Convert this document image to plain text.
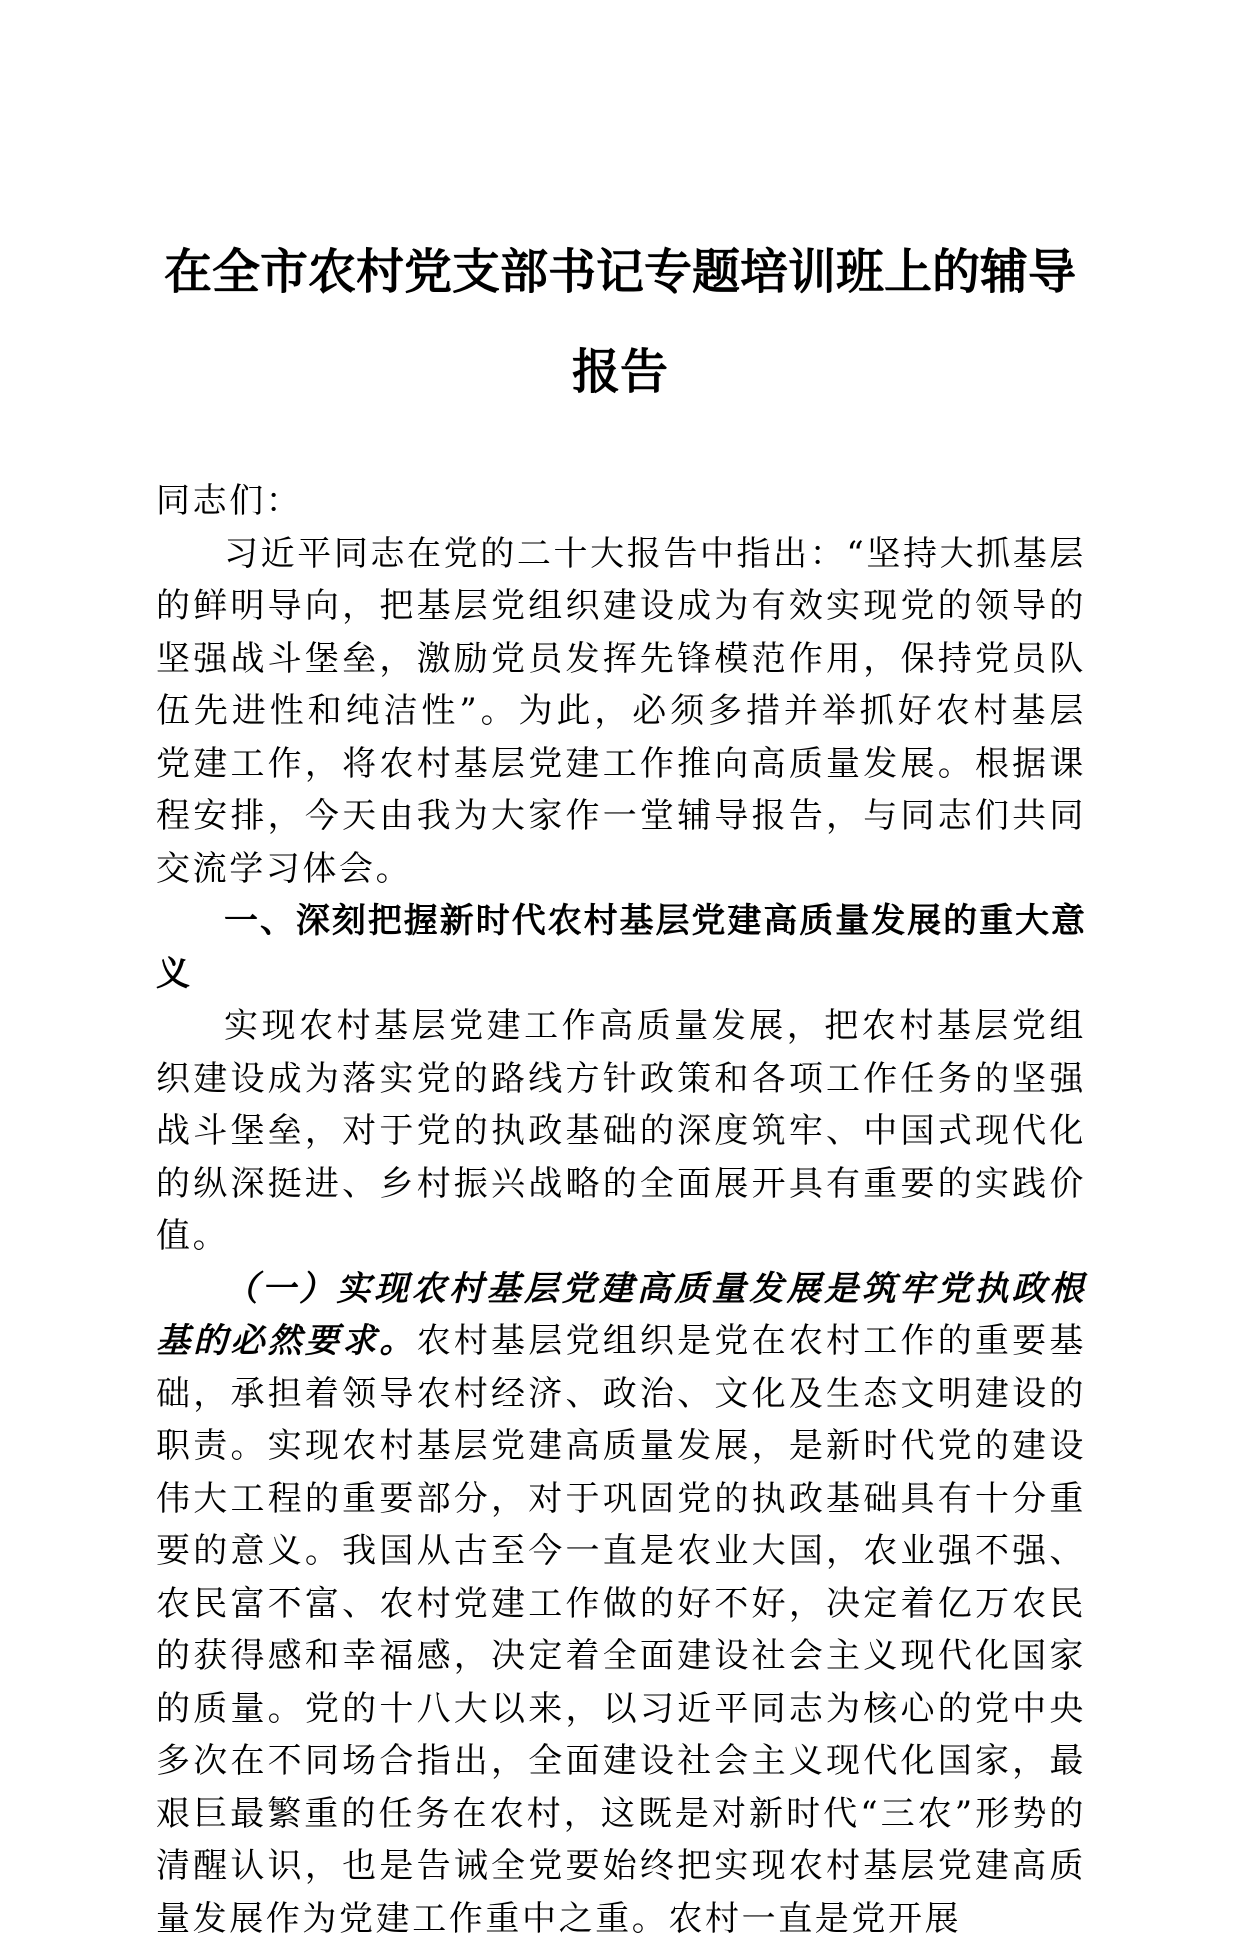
在全市农村党支部书记专题培训班上的辅导报告

同志们：

习近平同志在党的二十大报告中指出：“坚持大抓基层的鲜明导向，把基层党组织建设成为有效实现党的领导的坚强战斗堡垒，激励党员发挥先锋模范作用，保持党员队伍先进性和纯洁性”。为此，必须多措并举抓好农村基层党建工作，将农村基层党建工作推向高质量发展。根据课程安排，今天由我为大家作一堂辅导报告，与同志们共同交流学习体会。

一、深刻把握新时代农村基层党建高质量发展的重大意义

实现农村基层党建工作高质量发展，把农村基层党组织建设成为落实党的路线方针政策和各项工作任务的坚强战斗堡垒，对于党的执政基础的深度筑牢、中国式现代化的纵深挺进、乡村振兴战略的全面展开具有重要的实践价值。

（一）实现农村基层党建高质量发展是筑牢党执政根基的必然要求。农村基层党组织是党在农村工作的重要基础，承担着领导农村经济、政治、文化及生态文明建设的职责。实现农村基层党建高质量发展，是新时代党的建设伟大工程的重要部分，对于巩固党的执政基础具有十分重要的意义。我国从古至今一直是农业大国，农业强不强、农民富不富、农村党建工作做的好不好，决定着亿万农民的获得感和幸福感，决定着全面建设社会主义现代化国家的质量。党的十八大以来，以习近平同志为核心的党中央多次在不同场合指出，全面建设社会主义现代化国家，最艰巨最繁重的任务在农村，这既是对新时代“三农”形势的清醒认识，也是告诫全党要始终把实现农村基层党建高质量发展作为党建工作重中之重。农村一直是党开展
